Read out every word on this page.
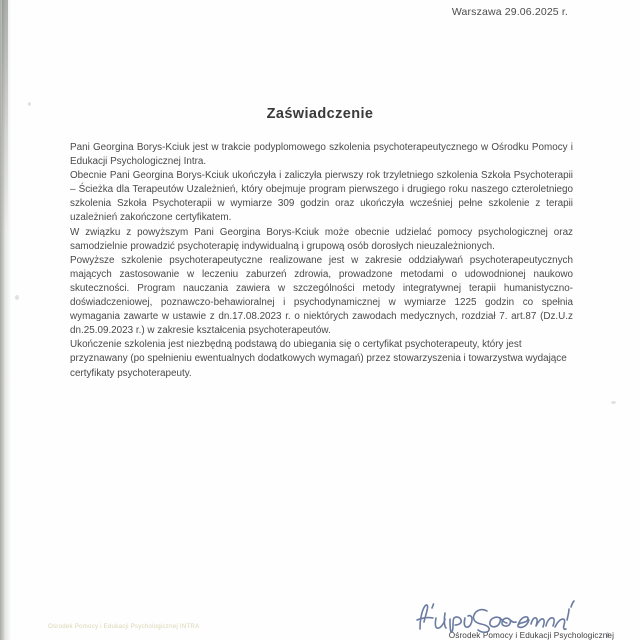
Warszawa 29.06.2025 r.
Zaświadczenie

Pani Georgina Borys-Kciuk jest w trakcie podyplomowego szkolenia psychoterapeutycznego w Ośrodku Pomocy i Edukacji Psychologicznej Intra.

Obecnie Pani Georgina Borys-Kciuk ukończyła i zaliczyła pierwszy rok trzyletniego szkolenia Szkoła Psychoterapii – Ścieżka dla Terapeutów Uzależnień, który obejmuje program pierwszego i drugiego roku naszego czteroletniego szkolenia Szkoła Psychoterapii w wymiarze 309 godzin oraz ukończyła wcześniej pełne szkolenie z terapii uzależnień zakończone certyfikatem.

W związku z powyższym Pani Georgina Borys-Kciuk może obecnie udzielać pomocy psychologicznej oraz samodzielnie prowadzić psychoterapię indywidualną i grupową osób dorosłych nieuzależnionych.

Powyższe szkolenie psychoterapeutyczne realizowane jest w zakresie oddziaływań psychoterapeutycznych mających zastosowanie w leczeniu zaburzeń zdrowia, prowadzone metodami o udowodnionej naukowo skuteczności. Program nauczania zawiera w szczególności metody integratywnej terapii humanistyczno-doświadczeniowej, poznawczo-behawioralnej i psychodynamicznej w wymiarze 1225 godzin co spełnia wymagania zawarte w ustawie z dn.17.08.2023 r. o niektórych zawodach medycznych, rozdział 7. art.87 (Dz.U.z dn.25.09.2023 r.) w zakresie kształcenia psychoterapeutów.

Ukończenie szkolenia jest niezbędną podstawą do ubiegania się o certyfikat psychoterapeuty, który jest przyznawany (po spełnieniu ewentualnych dodatkowych wymagań) przez stowarzyszenia i towarzystwa wydające certyfikaty psychoterapeuty.

Ośrodek Pomocy i Edukacji Psychologicznej INTRA
Ośrodek Pomocy i Edukacji Psychologicznej
